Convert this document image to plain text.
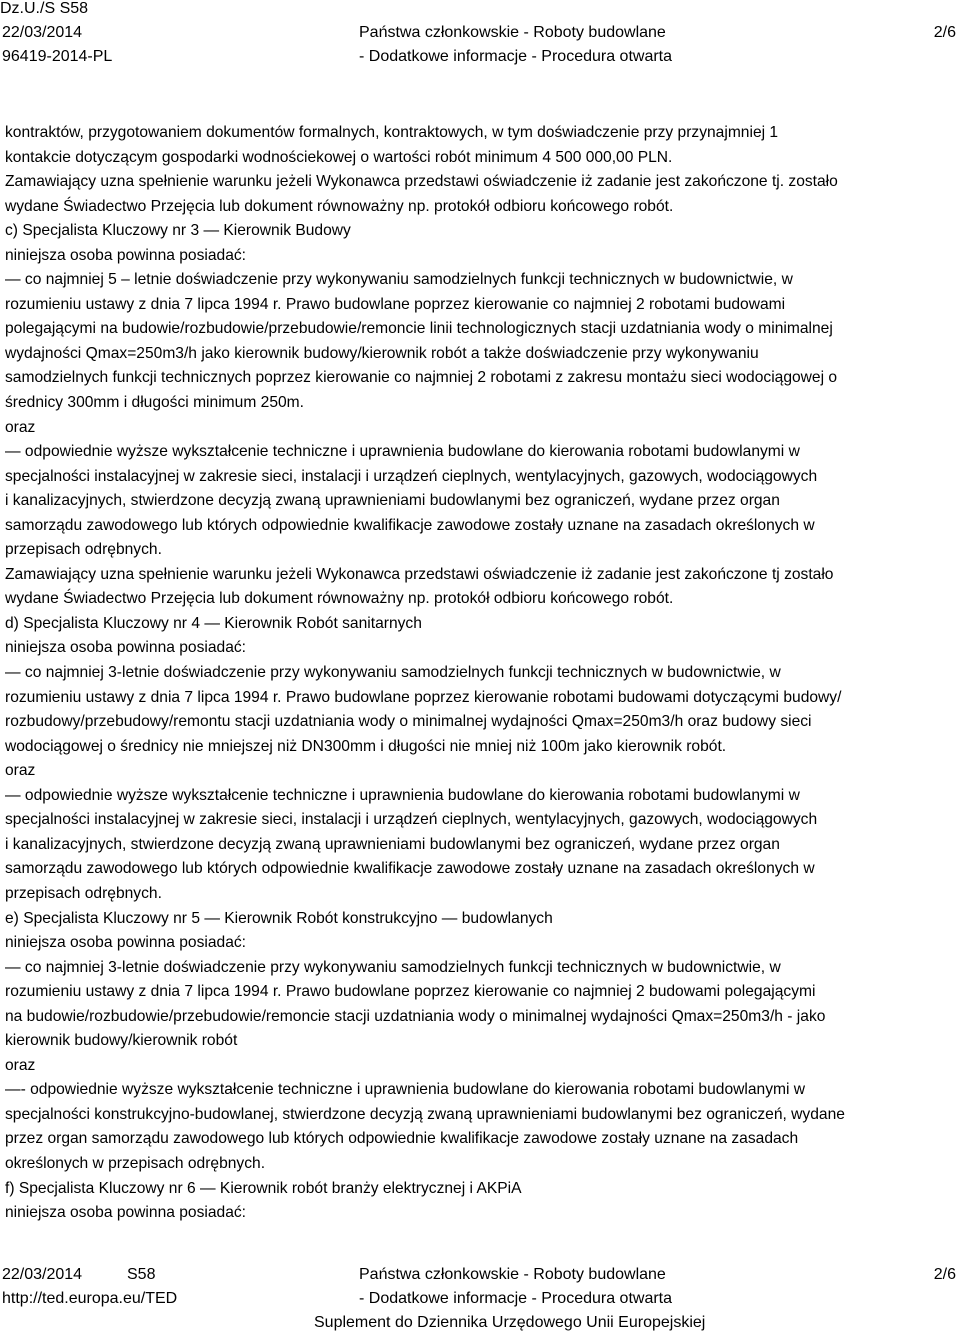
Dz.U./S S58
22/03/2014	Państwa członkowskie - Roboty budowlane	2/6
96419-2014-PL	- Dodatkowe informacje - Procedura otwarta
kontraktów, przygotowaniem dokumentów formalnych, kontraktowych, w tym doświadczenie przy przynajmniej 1
kontakcie dotyczącym gospodarki wodnościekowej o wartości robót minimum 4 500 000,00 PLN.
Zamawiający uzna spełnienie warunku jeżeli Wykonawca przedstawi oświadczenie iż zadanie jest zakończone tj. zostało
wydane Świadectwo Przejęcia lub dokument równoważny np. protokół odbioru końcowego robót.
c) Specjalista Kluczowy nr 3 — Kierownik Budowy
niniejsza osoba powinna posiadać:
— co najmniej 5 – letnie doświadczenie przy wykonywaniu samodzielnych funkcji technicznych w budownictwie, w
rozumieniu ustawy z dnia 7 lipca 1994 r. Prawo budowlane poprzez kierowanie co najmniej 2 robotami budowami
polegającymi na budowie/rozbudowie/przebudowie/remoncie linii technologicznych stacji uzdatniania wody o minimalnej
wydajności Qmax=250m3/h jako kierownik budowy/kierownik robót a także doświadczenie przy wykonywaniu
samodzielnych funkcji technicznych poprzez kierowanie co najmniej 2 robotami z zakresu montażu sieci wodociągowej o
średnicy 300mm i długości minimum 250m.
oraz
— odpowiednie wyższe wykształcenie techniczne i uprawnienia budowlane do kierowania robotami budowlanymi w
specjalności instalacyjnej w zakresie sieci, instalacji i urządzeń cieplnych, wentylacyjnych, gazowych, wodociągowych
i kanalizacyjnych, stwierdzone decyzją zwaną uprawnieniami budowlanymi bez ograniczeń, wydane przez organ
samorządu zawodowego lub których odpowiednie kwalifikacje zawodowe zostały uznane na zasadach określonych w
przepisach odrębnych.
Zamawiający uzna spełnienie warunku jeżeli Wykonawca przedstawi oświadczenie iż zadanie jest zakończone tj zostało
wydane Świadectwo Przejęcia lub dokument równoważny np. protokół odbioru końcowego robót.
d) Specjalista Kluczowy nr 4 — Kierownik Robót sanitarnych
niniejsza osoba powinna posiadać:
— co najmniej 3-letnie doświadczenie przy wykonywaniu samodzielnych funkcji technicznych w budownictwie, w
rozumieniu ustawy z dnia 7 lipca 1994 r. Prawo budowlane poprzez kierowanie robotami budowami dotyczącymi budowy/
rozbudowy/przebudowy/remontu stacji uzdatniania wody o minimalnej wydajności Qmax=250m3/h oraz budowy sieci
wodociągowej o średnicy nie mniejszej niż DN300mm i długości nie mniej niż 100m jako kierownik robót.
oraz
— odpowiednie wyższe wykształcenie techniczne i uprawnienia budowlane do kierowania robotami budowlanymi w
specjalności instalacyjnej w zakresie sieci, instalacji i urządzeń cieplnych, wentylacyjnych, gazowych, wodociągowych
i kanalizacyjnych, stwierdzone decyzją zwaną uprawnieniami budowlanymi bez ograniczeń, wydane przez organ
samorządu zawodowego lub których odpowiednie kwalifikacje zawodowe zostały uznane na zasadach określonych w
przepisach odrębnych.
e) Specjalista Kluczowy nr 5 — Kierownik Robót konstrukcyjno — budowlanych
niniejsza osoba powinna posiadać:
— co najmniej 3-letnie doświadczenie przy wykonywaniu samodzielnych funkcji technicznych w budownictwie, w
rozumieniu ustawy z dnia 7 lipca 1994 r. Prawo budowlane poprzez kierowanie co najmniej 2 budowami polegającymi
na budowie/rozbudowie/przebudowie/remoncie stacji uzdatniania wody o minimalnej wydajności Qmax=250m3/h - jako
kierownik budowy/kierownik robót
oraz
—- odpowiednie wyższe wykształcenie techniczne i uprawnienia budowlane do kierowania robotami budowlanymi w
specjalności konstrukcyjno-budowlanej, stwierdzone decyzją zwaną uprawnieniami budowlanymi bez ograniczeń, wydane
przez organ samorządu zawodowego lub których odpowiednie kwalifikacje zawodowe zostały uznane na zasadach
określonych w przepisach odrębnych.
f) Specjalista Kluczowy nr 6 — Kierownik robót branży elektrycznej i AKPiA
niniejsza osoba powinna posiadać:
22/03/2014	S58	Państwa członkowskie - Roboty budowlane	2/6
http://ted.europa.eu/TED	- Dodatkowe informacje - Procedura otwarta
Suplement do Dziennika Urzędowego Unii Europejskiej
